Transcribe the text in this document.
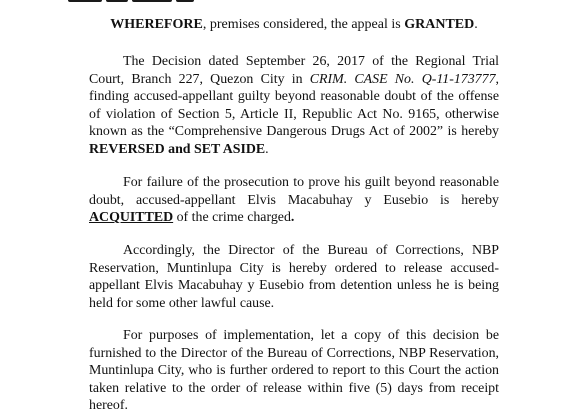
WHEREFORE, premises considered, the appeal is GRANTED.

The Decision dated September 26, 2017 of the Regional Trial Court, Branch 227, Quezon City in CRIM. CASE No. Q-11-173777, finding accused-appellant guilty beyond reasonable doubt of the offense of violation of Section 5, Article II, Republic Act No. 9165, otherwise known as the “Comprehensive Dangerous Drugs Act of 2002” is hereby REVERSED and SET ASIDE.

For failure of the prosecution to prove his guilt beyond reasonable doubt, accused-appellant Elvis Macabuhay y Eusebio is hereby ACQUITTED of the crime charged.

Accordingly, the Director of the Bureau of Corrections, NBP Reservation, Muntinlupa City is hereby ordered to release accused-appellant Elvis Macabuhay y Eusebio from detention unless he is being held for some other lawful cause.

For purposes of implementation, let a copy of this decision be furnished to the Director of the Bureau of Corrections, NBP Reservation, Muntinlupa City, who is further ordered to report to this Court the action taken relative to the order of release within five (5) days from receipt hereof.
